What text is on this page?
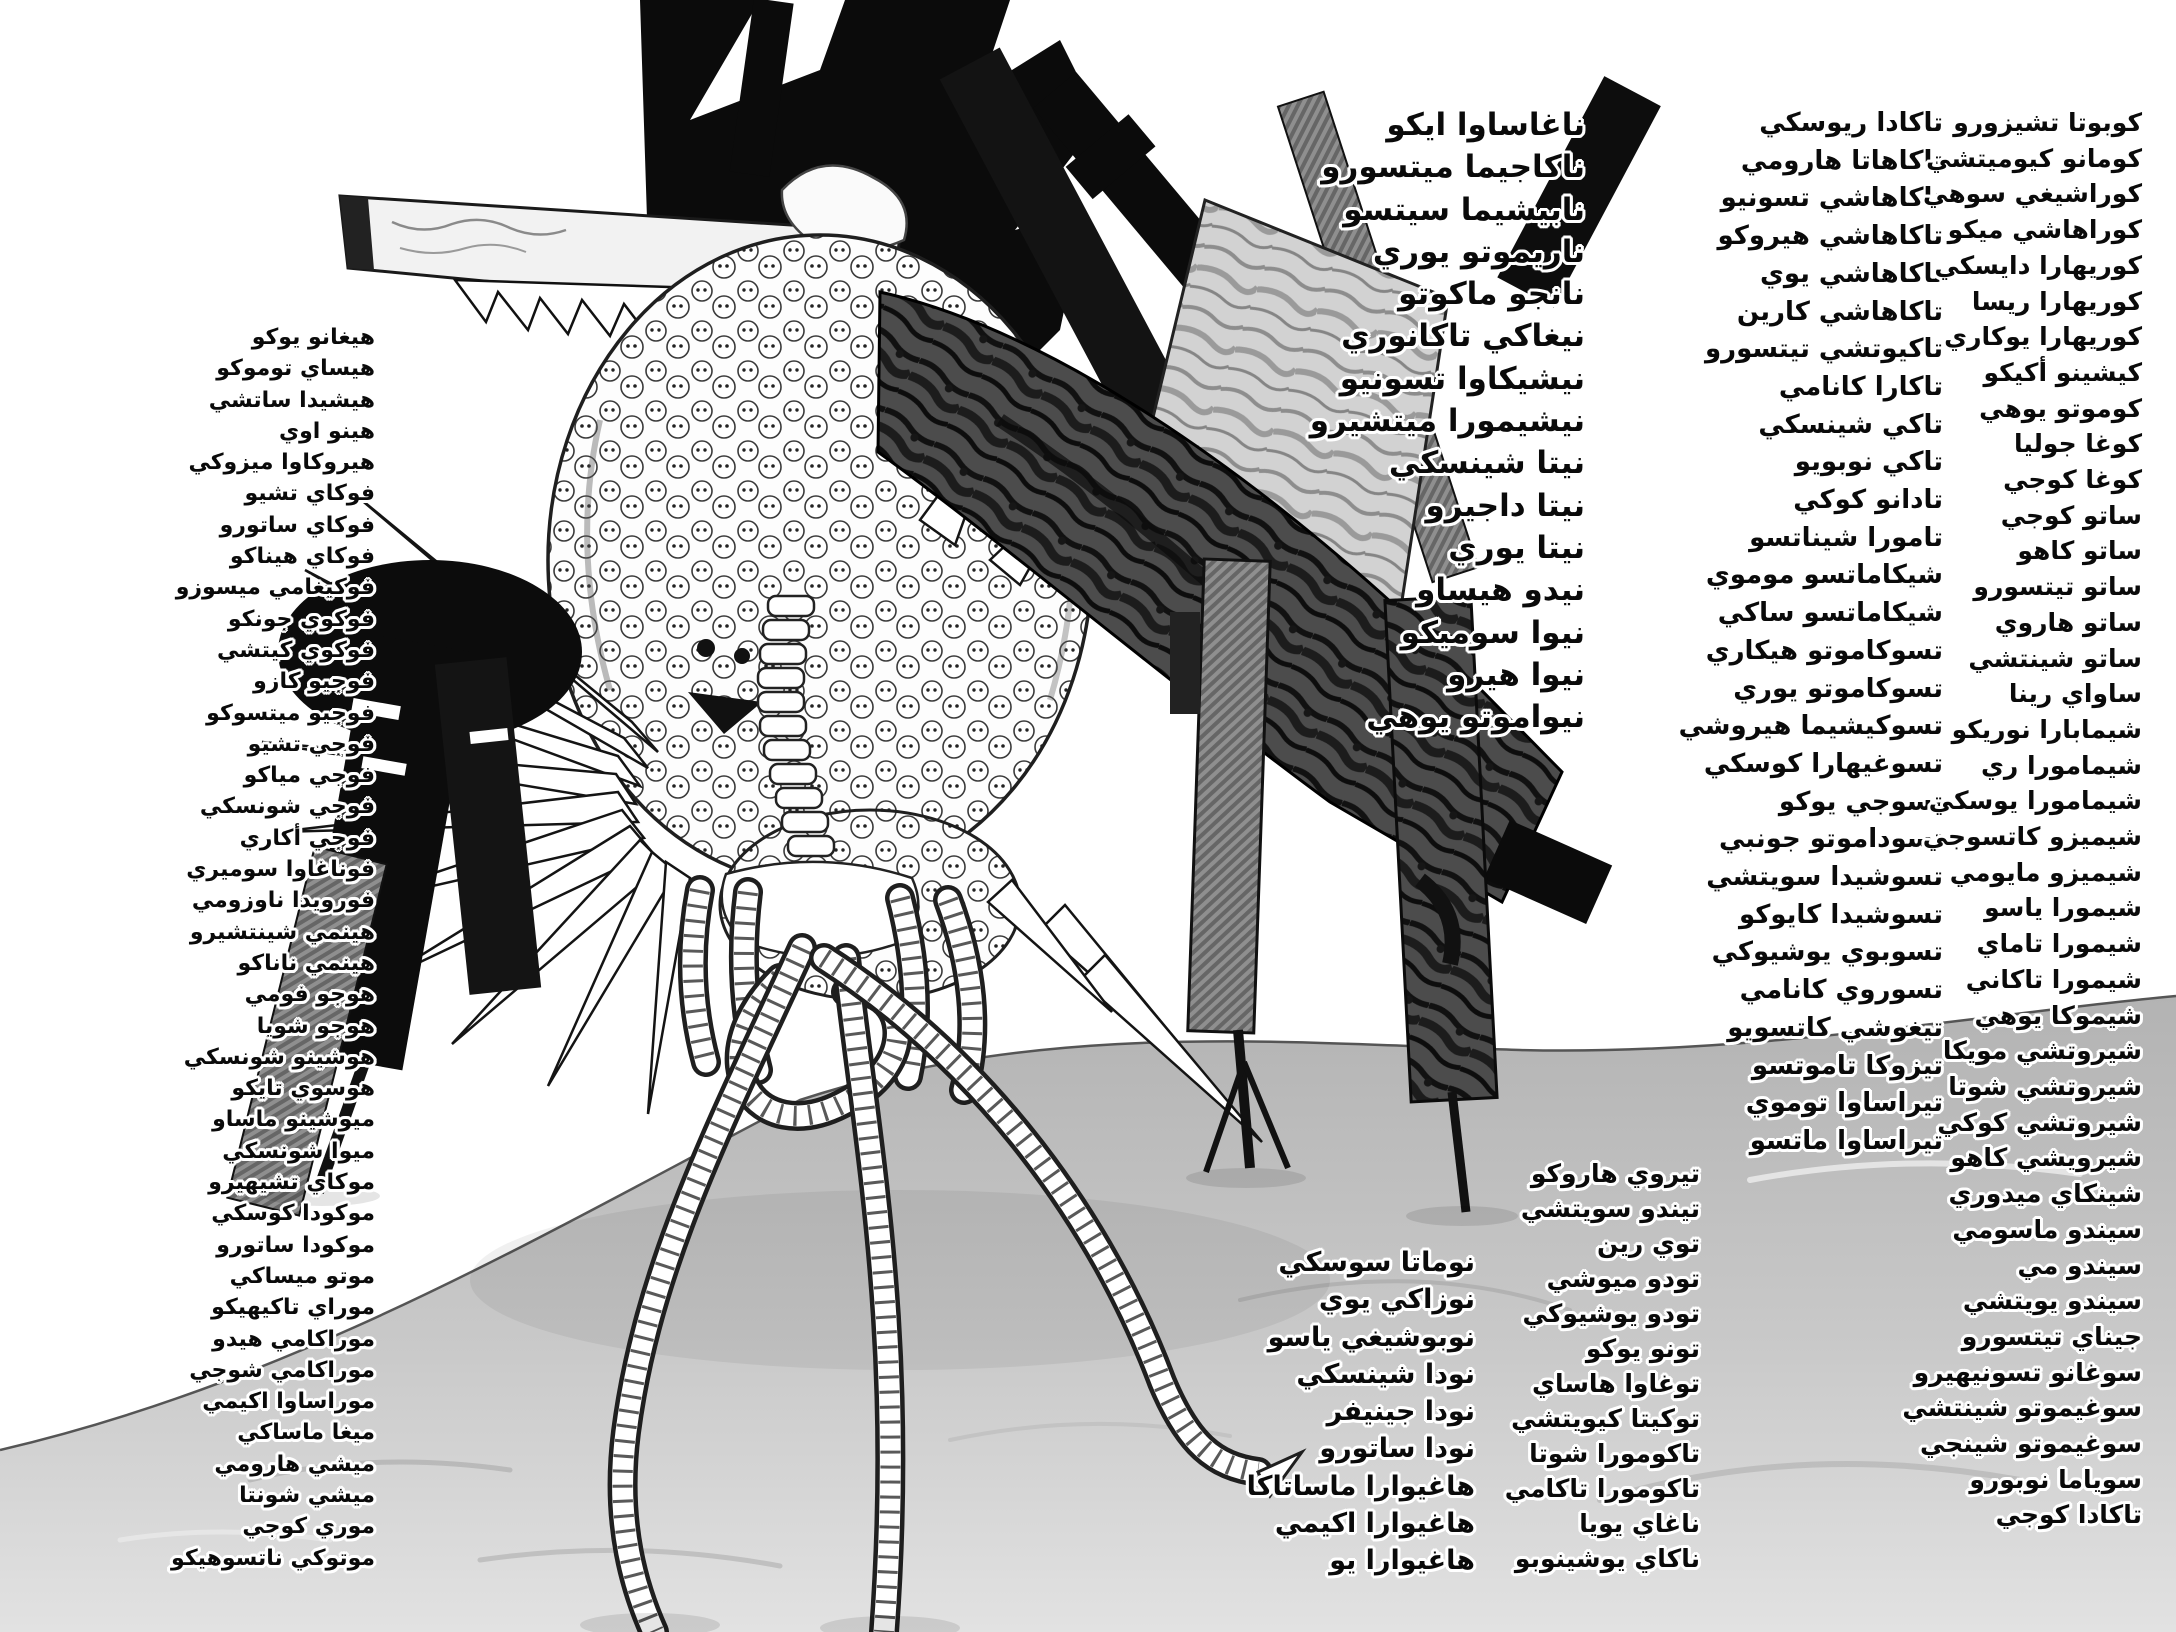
هيغانو يوكو
هيساي توموكو
هيشيدا ساتشي
هينو اوي
هيروكاوا ميزوكي
فوكاي تشيو
فوكاي ساتورو
فوكاي هيناكو
فوكيغامي ميسوزو
فوكوي جونكو
فوكوي كيتشي
فوجيو كازو
فوجيو ميتسوكو
فوجي تشيو
فوجي مياكو
فوجي شونسكي
فوجي أكاري
فوناغاوا سوميري
فورويدا ناوزومي
هينمي شينتشيرو
هينمي ناناكو
هوجو فومي
هوجو شويا
هوشينو شونسكي
هوسوي تايكو
ميوشينو ماساو
ميوا شونسكي
موكاي تشيهيرو
موكودا كوسكي
موكودا ساتورو
موتو ميساكي
موراي تاكيهيكو
موراكامي هيدو
موراكامي شوجي
موراساوا اكيمي
ميغا ماساكي
ميشي هارومي
ميشي شونتا
موري كوجي
موتوكي ناتسوهيكو
ناغاساوا ايكو
ناكاجيما ميتسورو
نابيشيما سيتسو
ناريموتو يوري
نانجو ماكوتو
نيغاكي تاكانوري
نيشيكاوا تسونيو
نيشيمورا ميتشيرو
نيتا شينسكي
نيتا داجيرو
نيتا يوري
نيدو هيساو
نيوا سوميكو
نيوا هيرو
نيواموتو يوهي
تاكادا ريوسكي
تاكاهاتا هارومي
تاكاهاشي تسونيو
تاكاهاشي هيروكو
تاكاهاشي يوي
تاكاهاشي كارين
تاكيوتشي تيتسورو
تاكارا كانامي
تاكي شينسكي
تاكي نوبويو
تادانو كوكي
تامورا شيناتسو
شيكاماتسو موموي
شيكاماتسو ساكي
تسوكاموتو هيكاري
تسوكاموتو يوري
تسوكيشيما هيروشي
تسوغيهارا كوسكي
تسوجي يوكو
تسوداموتو جونبي
تسوشيدا سويتشي
تسوشيدا كايوكو
تسوبوي يوشيوكي
تسوروي كانامي
تيغوشي كاتسويو
تيزوكا تاموتسو
تيراساوا توموي
تيراساوا ماتسو
تيروي هاروكو
تيندو سويتشي
توي رين
تودو ميوشي
تودو يوشيوكي
تونو يوكو
توغاوا هاساي
توكيتا كيويتشي
تاكومورا شوتا
تاكومورا تاكامي
ناغاي يويا
ناكاي يوشينوبو
كوبوتا تشيزورو
كومانو كيوميتشي
كوراشيغي سوهي
كوراهاشي ميكو
كوريهارا دايسكي
كوريهارا ريسا
كوريهارا يوكاري
كيشينو أكيكو
كوموتو يوهي
كوغا جوليا
كوغا كوجي
ساتو كوجي
ساتو كاهو
ساتو تيتسورو
ساتو هاروي
ساتو شينتشي
ساواي رينا
شيمابارا نوريكو
شيمامورا ري
شيمامورا يوسكي
شيميزو كاتسوجي
شيميزو مايومي
شيمورا ياسو
شيمورا تاماي
شيمورا تاكاني
شيموكا يوهي
شيروتشي مويكا
شيروتشي شوتا
شيروتشي كوكي
شيرويشي كاهو
شينكاي ميدوري
سيندو ماسومي
سيندو مي
سيندو يويتشي
جيناي تيتسورو
سوغانو تسونيهيرو
سوغيموتو شينتشي
سوغيموتو شينجي
سوياما نوبورو
تاكادا كوجي
نوماتا سوسكي
نوزاكي يوي
نوبوشيغي ياسو
نودا شينسكي
نودا جينيفر
نودا ساتورو
هاغيوارا ماساتاكا
هاغيوارا اكيمي
هاغيوارا يو
